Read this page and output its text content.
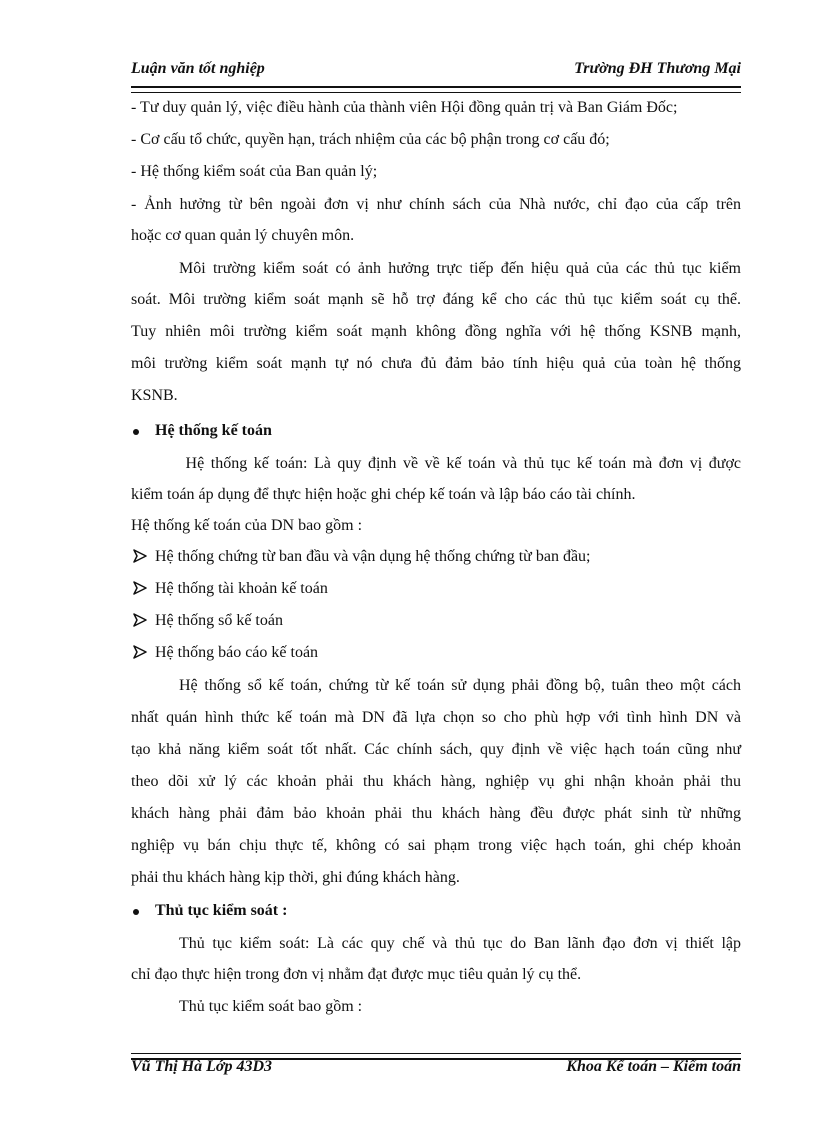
Luận văn tốt nghiệp	Trường ĐH Thương Mại
- Tư duy quản lý, việc điều hành của thành viên Hội đồng quản trị và Ban Giám Đốc;
- Cơ cấu tổ chức, quyền hạn, trách nhiệm của các bộ phận trong cơ cấu đó;
- Hệ thống kiểm soát của Ban quản lý;
- Ảnh hưởng từ bên ngoài đơn vị như chính sách của Nhà nước, chỉ đạo của cấp trên
hoặc cơ quan quản lý chuyên môn.
Môi trường kiểm soát có ảnh hưởng trực tiếp đến hiệu quả của các thủ tục kiểm
soát. Môi trường kiểm soát mạnh sẽ hỗ trợ đáng kể cho các thủ tục kiểm soát cụ thể.
Tuy nhiên môi trường kiểm soát mạnh không đồng nghĩa với hệ thống KSNB mạnh,
môi trường kiểm soát mạnh tự nó chưa đủ đảm bảo tính hiệu quả của toàn hệ thống
KSNB.
Hệ thống kế toán
Hệ thống kế toán: Là quy định về về kế toán và thủ tục kế toán mà đơn vị được
kiểm toán áp dụng để thực hiện hoặc ghi chép kế toán và lập báo cáo tài chính.
Hệ thống kế toán của DN bao gồm :
Hệ thống chứng từ ban đầu và vận dụng hệ thống chứng từ ban đầu;
Hệ thống tài khoản kế toán
Hệ thống sổ kế toán
Hệ thống báo cáo kế toán
Hệ thống sổ kế toán, chứng từ kế toán sử dụng phải đồng bộ, tuân theo một cách
nhất quán hình thức kế toán mà DN đã lựa chọn so cho phù hợp với tình hình DN và
tạo khả năng kiểm soát tốt nhất. Các chính sách, quy định về việc hạch toán cũng như
theo dõi xử lý các khoản phải thu khách hàng, nghiệp vụ ghi nhận khoản phải thu
khách hàng phải đảm bảo khoản phải thu khách hàng đều được phát sinh từ những
nghiệp vụ bán chịu thực tế, không có sai phạm trong việc hạch toán, ghi chép khoản
phải thu khách hàng kịp thời, ghi đúng khách hàng.
Thủ tục kiểm soát :
Thủ tục kiểm soát: Là các quy chế và thủ tục do Ban lãnh đạo đơn vị thiết lập
chỉ đạo thực hiện trong đơn vị nhằm đạt được mục tiêu quản lý cụ thể.
Thủ tục kiểm soát bao gồm :
Vũ Thị Hà Lớp 43D3	Khoa Kế toán – Kiểm toán
